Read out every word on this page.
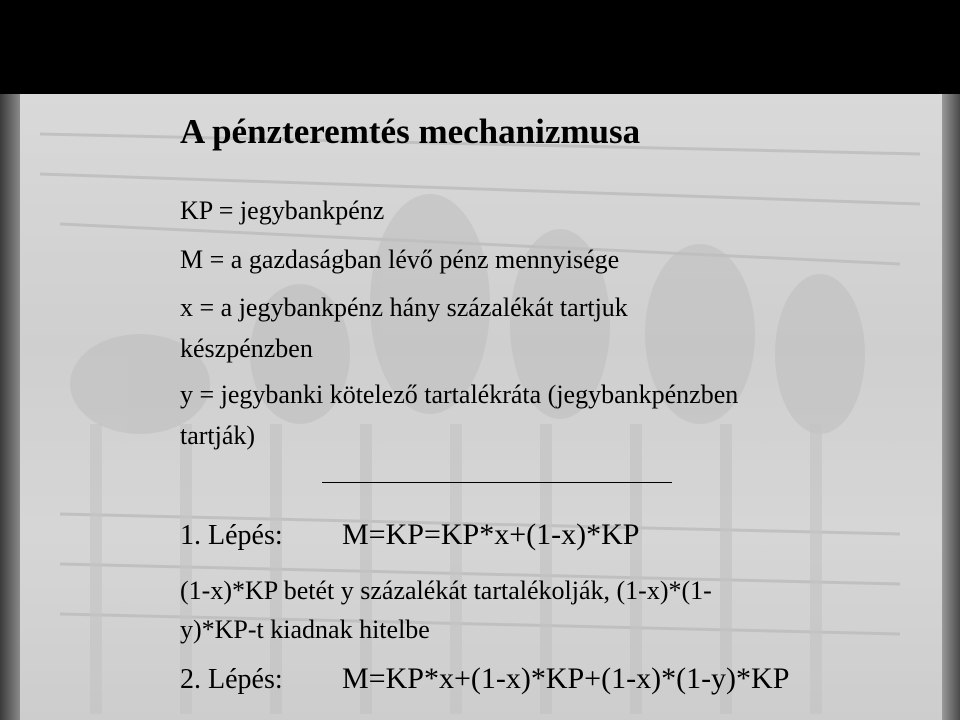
A pénzteremtés mechanizmusa
KP = jegybankpénz
M = a gazdaságban lévő pénz mennyisége
x = a jegybankpénz hány százalékát tartjuk
készpénzben
y = jegybanki kötelező tartalékráta (jegybankpénzben
tartják)
1. Lépés: M=KP=KP*x+(1-x)*KP
(1-x)*KP betét y százalékát tartalékolják, (1-x)*(1-
y)*KP-t kiadnak hitelbe
2. Lépés: M=KP*x+(1-x)*KP+(1-x)*(1-y)*KP
